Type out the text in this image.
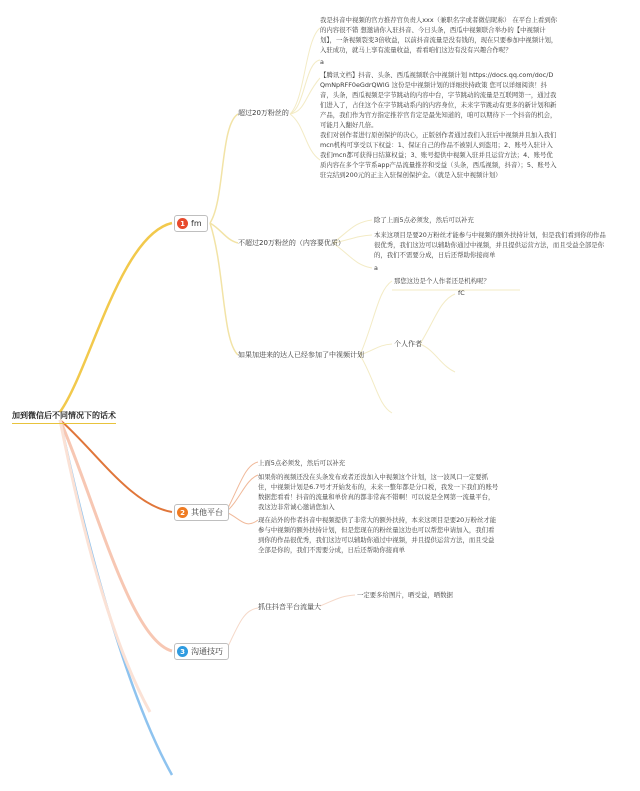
加到微信后不同情况下的话术
1 fm
超过20万粉丝的
我是抖音中视频的官方推荐官负责人xxx（兼职名字或者微信昵称） 在平台上看到你的内容很不错 想邀请你入驻抖音、今日头条，西瓜中视频联合举办的【中视频计划】，一条视频裂变3倍收益，以前抖音流量是没有钱的，现在只要参加中视频计划，入驻成功，就马上享有流量收益，看看咱们这边有没有兴趣合作呢？
a
【腾讯文档】抖音、头条、西瓜视频联合中视频计划 https://docs.qq.com/doc/DQmNpRFF0eGdrQWlG 这份是中视频计划的详细扶持政策 您可以详细阅读！抖音，头条，西瓜视频是字节跳动的内容中台，字节跳动的流量是互联网第一，通过我们进入了，占住这个在字节跳动系内的内容身位，未来字节跳动有更多的新计划和新产品，我们作为官方指定推荐官肯定是最先知道的，咱可以期待下一个抖音的机会，可能月入翻好几倍。
我们对创作者进行原创保护的决心，正版创作者通过我们入驻后中视频并且加入我们mcn机构可享受以下权益：1、保证自己的作品不被别人到盗用；2、账号入驻计入我们mcn都可获得日结算权益；3、账号提供中视频入驻并且运营方法；4、账号优质内容在多个字节系app产品流量推荐和受益（头条，西瓜视频，抖音）；5、账号入驻完结到200元的正主入驻保创保护金。（就是入驻中视频计划）
不超过20万粉丝的（内容要优质）
除了上面5点必须发，然后可以补充
本来这项目是要20万粉丝才能参与中视频的额外扶持计划，但是我们看到你的作品很优秀，我们这边可以辅助你通过中视频，并且提供运营方法，而且受益全部是你的，我们不需要分成，日后还帮助你接商单
a
如果加进来的达人已经参加了中视频计划
那您这边是个人作者还是机构呢？
个人作者
fC
2 其他平台
上面5点必须发，然后可以补充
如果你的视频还没在头条发布或者还没加入中视频这个计划，这一波风口一定要抓住，中视频计划是6.7号才开始发布的，未来一整年都是分口税，我发一下我们的账号数据您看看！抖音的流量和单价真的都非常高不错啊！可以说是全网第一流量平台，我这边非常诚心邀请您加入
现在站外的作者抖音中视频提供了非常大的额外扶持，本来这项目是要20万粉丝才能参与中视频的额外扶持计划，但是您现在的粉丝量这边也可以帮您申请加入，我们看到你的作品很优秀，我们这边可以辅助你通过中视频，并且提供运营方法，而且受益全部是你的，我们不需要分成，日后还帮助你接商单
3 沟通技巧
抓住抖音平台流量大
一定要多给图片，晒受益，晒数据
